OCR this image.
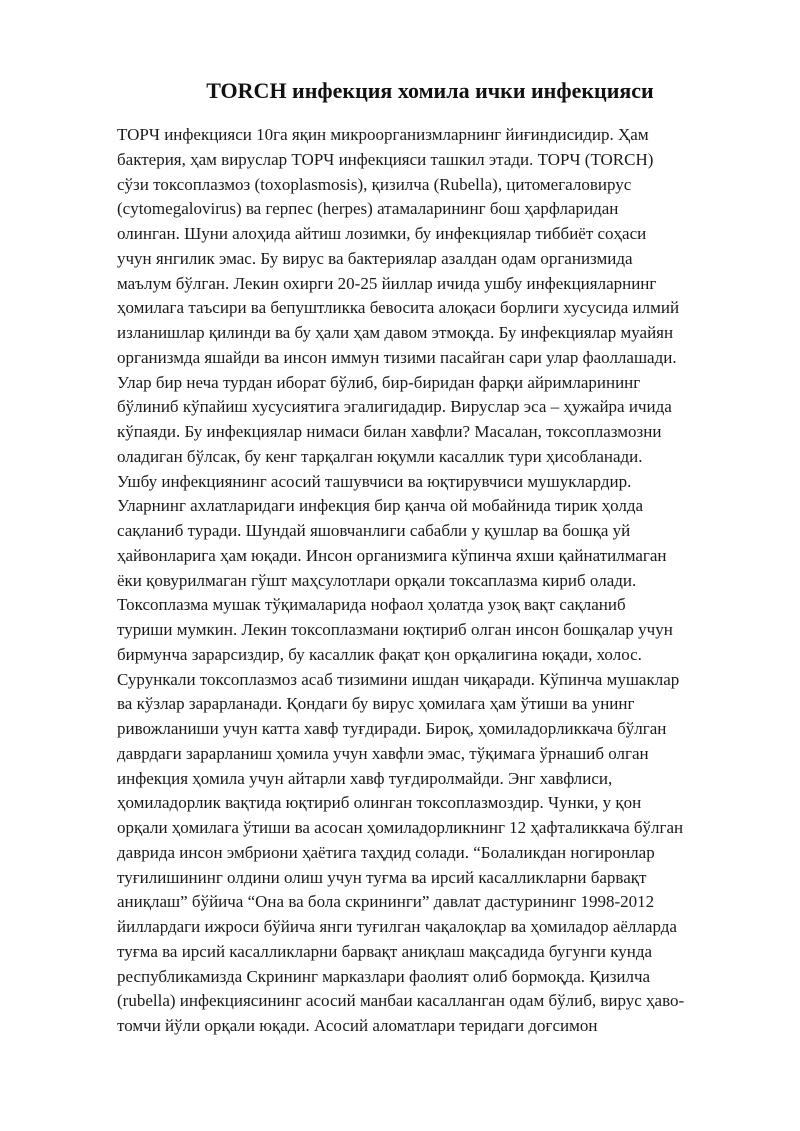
TORCH инфекция хомила ички инфекцияси
ТОРЧ инфекцияси 10га яқин микроорганизмларнинг йиғиндисидир. Ҳам
бактерия, ҳам вируслар ТОРЧ инфекцияси ташкил этади. ТОРЧ (TORCH)
сўзи токсоплазмоз (toxoplasmosis), қизилча (Rubella), цитомегаловирус
(cytomegalovirus) ва герпес (herpes) атамаларининг бош ҳарфларидан
олинган. Шуни алоҳида айтиш лозимки, бу инфекциялар тиббиёт соҳаси
учун янгилик эмас. Бу вирус ва бактериялар азалдан одам организмида
маълум бўлган. Лекин охирги 20-25 йиллар ичида ушбу инфекцияларнинг
ҳомилага таъсири ва бепуштликка бевосита алоқаси борлиги хусусида илмий
изланишлар қилинди ва бу ҳали ҳам давом этмоқда. Бу инфекциялар муайян
организмда яшайди ва инсон иммун тизими пасайган сари улар фаоллашади.
Улар бир неча турдан иборат бўлиб, бир-биридан фарқи айримларининг
бўлиниб кўпайиш хусусиятига эгалигидадир. Вируслар эса – ҳужайра ичида
кўпаяди. Бу инфекциялар нимаси билан хавфли? Масалан, токсоплазмозни
оладиган бўлсак, бу кенг тарқалган юқумли касаллик тури ҳисобланади.
Ушбу инфекциянинг асосий ташувчиси ва юқтирувчиси мушуклардир.
Уларнинг ахлатларидаги инфекция бир қанча ой мобайнида тирик ҳолда
сақланиб туради. Шундай яшовчанлиги сабабли у қушлар ва бошқа уй
ҳайвонларига ҳам юқади. Инсон организмига кўпинча яхши қайнатилмаган
ёки қовурилмаган гўшт маҳсулотлари орқали токсаплазма кириб олади.
Токсоплазма мушак тўқималарида нофаол ҳолатда узоқ вақт сақланиб
туриши мумкин. Лекин токсоплазмани юқтириб олган инсон бошқалар учун
бирмунча зарарсиздир, бу касаллик фақат қон орқалигина юқади, холос.
Сурункали токсоплазмоз асаб тизимини ишдан чиқаради. Кўпинча мушаклар
ва кўзлар зарарланади. Қондаги бу вирус ҳомилага ҳам ўтиши ва унинг
ривожланиши учун катта хавф туғдиради. Бироқ, ҳомиладорликкача бўлган
даврдаги зарарланиш ҳомила учун хавфли эмас, тўқимага ўрнашиб олган
инфекция ҳомила учун айтарли хавф туғдиролмайди. Энг хавфлиси,
ҳомиладорлик вақтида юқтириб олинган токсоплазмоздир. Чунки, у қон
орқали ҳомилага ўтиши ва асосан ҳомиладорликнинг 12 ҳафталиккача бўлган
даврида инсон эмбриони ҳаётига таҳдид солади. “Болаликдан ногиронлар
туғилишининг олдини олиш учун туғма ва ирсий касалликларни барвақт
аниқлаш” бўйича “Она ва бола скрининги” давлат дастурининг 1998-2012
йиллардаги ижроси бўйича янги туғилган чақалоқлар ва ҳомиладор аёлларда
туғма ва ирсий касалликларни барвақт аниқлаш мақсадида бугунги кунда
республикамизда Скрининг марказлари фаолият олиб бормоқда. Қизилча
(rubella) инфекциясининг асосий манбаи касалланган одам бўлиб, вирус ҳаво-
томчи йўли орқали юқади. Асосий аломатлари теридаги доғсимон
